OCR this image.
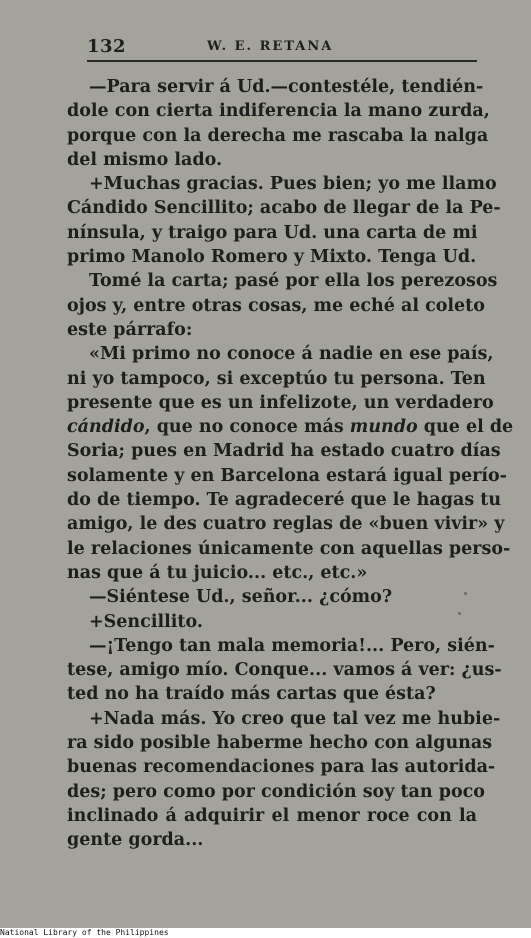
132	W. E. RETANA
—Para servir á Ud.—contestéle, tendién-
dole con cierta indiferencia la mano zurda,
porque con la derecha me rascaba la nalga
del mismo lado.
+Muchas gracias. Pues bien; yo me llamo
Cándido Sencillito; acabo de llegar de la Pe-
nínsula, y traigo para Ud. una carta de mi
primo Manolo Romero y Mixto. Tenga Ud.
Tomé la carta; pasé por ella los perezosos
ojos y, entre otras cosas, me eché al coleto
este párrafo:
«Mi primo no conoce á nadie en ese país,
ni yo tampoco, si exceptúo tu persona. Ten
presente que es un infelizote, un verdadero
cándido, que no conoce más mundo que el de
Soria; pues en Madrid ha estado cuatro días
solamente y en Barcelona estará igual perío-
do de tiempo. Te agradeceré que le hagas tu
amigo, le des cuatro reglas de «buen vivir» y
le relaciones únicamente con aquellas perso-
nas que á tu juicio... etc., etc.»
—Siéntese Ud., señor... ¿cómo?
+Sencillito.
—¡Tengo tan mala memoria!... Pero, sién-
tese, amigo mío. Conque... vamos á ver: ¿us-
ted no ha traído más cartas que ésta?
+Nada más. Yo creo que tal vez me hubie-
ra sido posible haberme hecho con algunas
buenas recomendaciones para las autorida-
des; pero como por condición soy tan poco
inclinado á adquirir el menor roce con la
gente gorda...
National Library of the Philippines
